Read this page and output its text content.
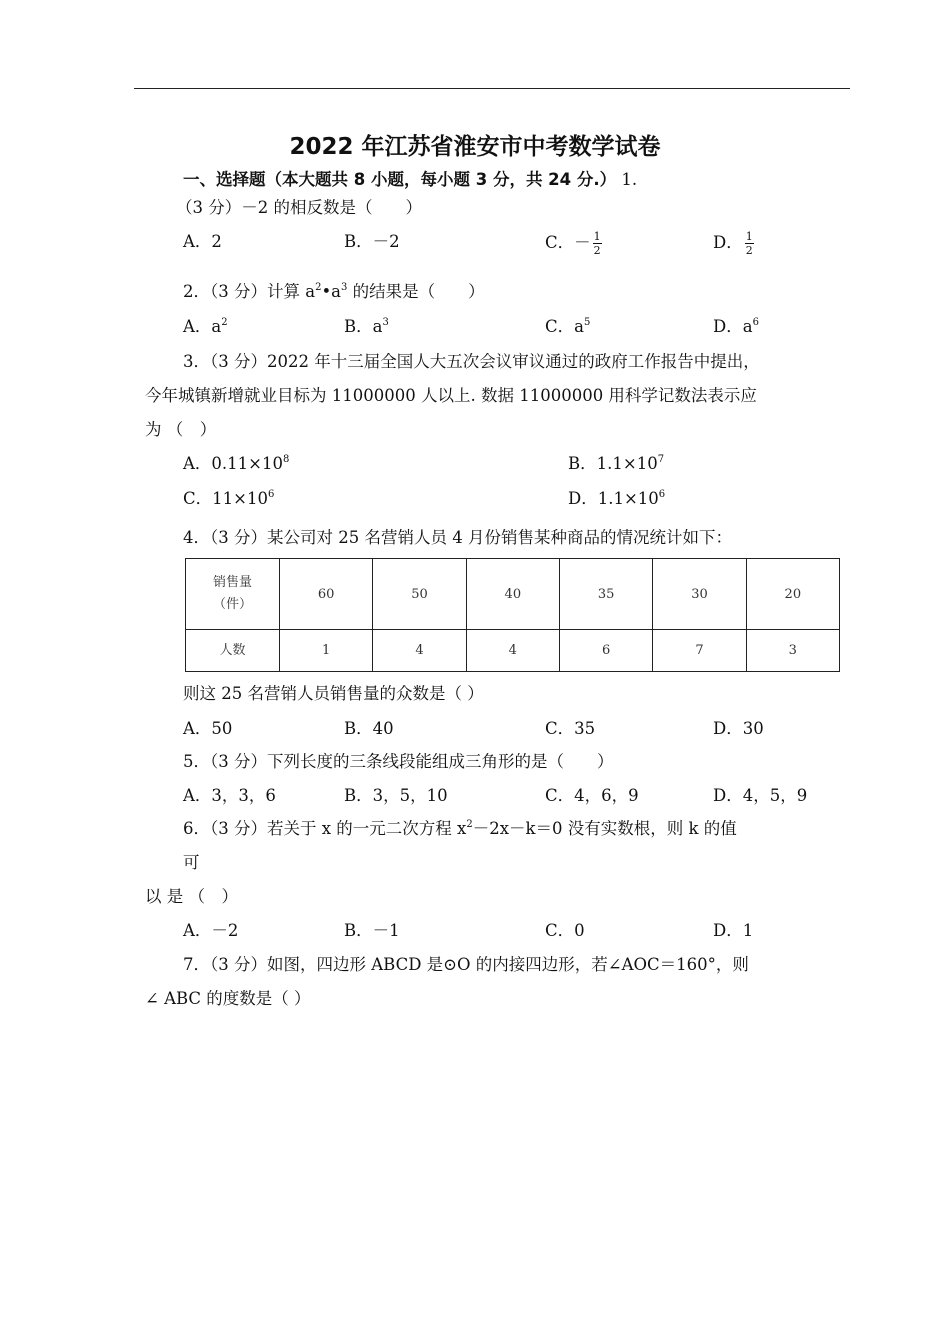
2022 年江苏省淮安市中考数学试卷
一、选择题（本大题共 8 小题，每小题 3 分，共 24 分.） 1.
（3 分）－2 的相反数是（　　）
A．2	B．－2	C．－ $\frac{1}{2}$	D． $\frac{1}{2}$
2．（3 分）计算 $a^2•a^3$ 的结果是（　　）
A．$a^2$	B．$a^3$	C．$a^5$	D．$a^6$
3．（3 分）2022 年十三届全国人大五次会议审议通过的政府工作报告中提出，
今年城镇新增就业目标为 11000000 人以上. 数据 11000000 用科学记数法表示应
为 （　）
A．$0.11\times 10^8$	B．$1.1\times 10^7$
C．$11\times 10^6$	D．$1.1\times 10^6$
4．（3 分）某公司对 25 名营销人员 4 月份销售某种商品的情况统计如下：
销售量
（件）	60	50	40	35	30	20
人数	1	4	4	6	7	3
则这 25 名营销人员销售量的众数是（ ）
A．50	B．40	C．35	D．30
5．（3 分）下列长度的三条线段能组成三角形的是（　　）
A．3，3，6	B．3，5，10	C．4，6，9	D．4，5，9
6．（3 分）若关于 x 的一元二次方程 $x^2-2x-k=0$ 没有实数根，则 k 的值
可
以 是 （　）
A．－2	B．－1	C．0	D．1
7．（3 分）如图，四边形 ABCD 是⊙O 的内接四边形，若∠AOC＝160°，则
∠ ABC 的度数是（ ）
